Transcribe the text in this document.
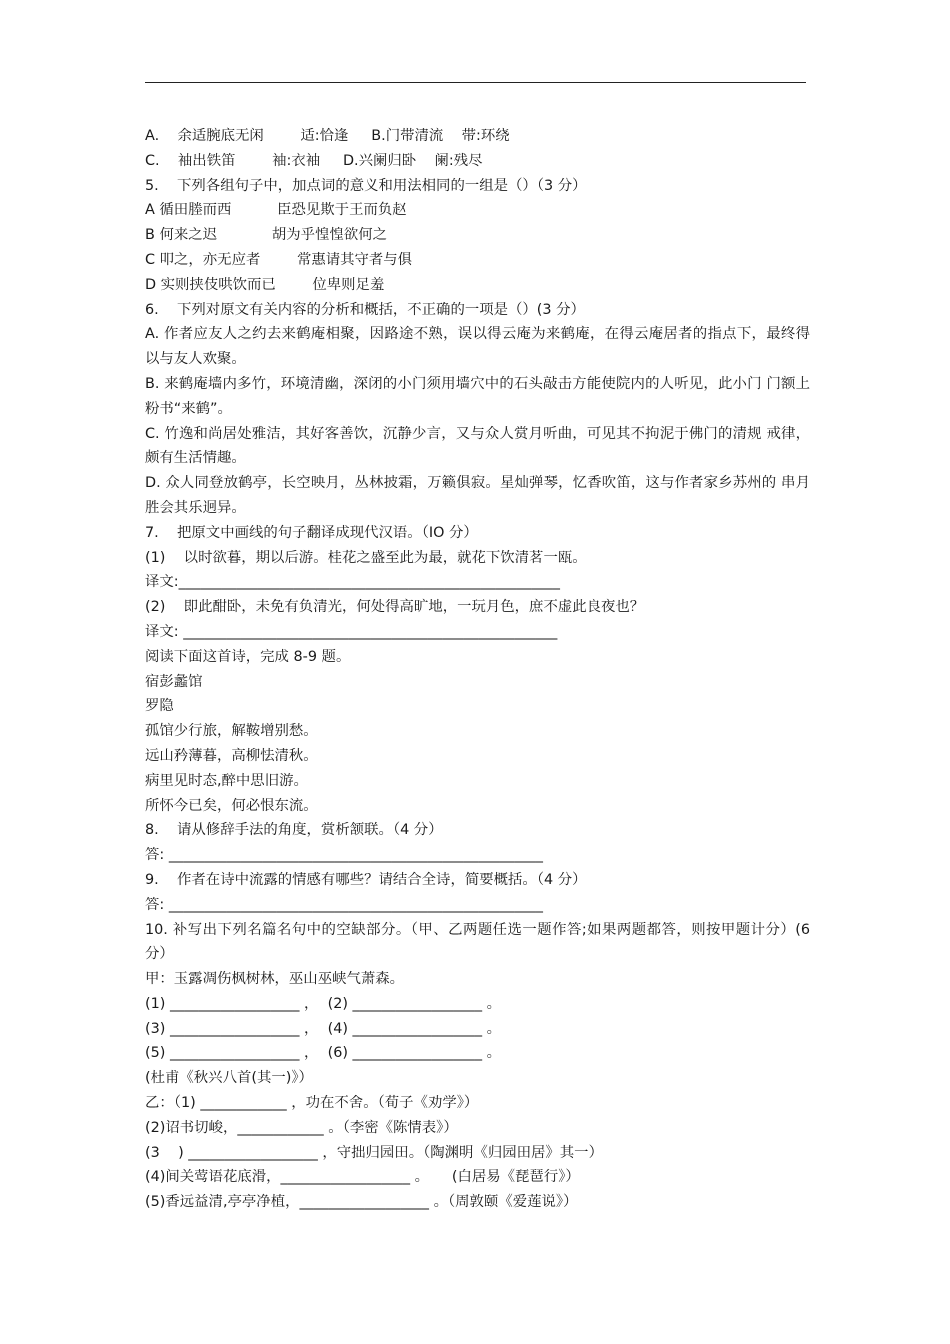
A.    余适腕底无闲        适:恰逢     B.门带清流    带:环绕

C.    袖出铁笛        袖:衣袖     D.兴阑归卧    阑:残尽

5.    下列各组句子中，加点词的意义和用法相同的一组是（）（3 分）

A 循田塍而西          臣恐见欺于王而负赵

B 何来之迟            胡为乎惶惶欲何之

C 叩之，亦无应者        常惠请其守者与俱

D 实则挟伎哄饮而已        位卑则足羞

6.    下列对原文有关内容的分析和概括，不正确的一项是（）(3 分）

A. 作者应友人之约去来鹤庵相聚，因路途不熟，误以得云庵为来鹤庵，在得云庵居者的指点下，最终得以与友人欢聚。

B. 来鹤庵墙内多竹，环境清幽，深闭的小门须用墙穴中的石头敲击方能使院内的人听见，此小门 门额上粉书“来鹤”。

C. 竹逸和尚居处雅洁，其好客善饮，沉静少言，又与众人赏月听曲，可见其不拘泥于佛门的清规 戒律，颇有生活情趣。

D. 众人同登放鹤亭，长空映月，丛林披霜，万籁俱寂。星灿弹琴，忆香吹笛，这与作者家乡苏州的 串月胜会其乐迥异。

7.    把原文中画线的句子翻译成现代汉语。（IO 分）

(1)    以时欲暮，期以后游。桂花之盛至此为最，就花下饮清茗一瓯。

译文:_____________________________________________________

(2)    即此酣卧，未免有负清光，何处得高旷地，一玩月色，庶不虚此良夜也？

译文: ____________________________________________________

阅读下面这首诗，完成 8-9 题。

宿彭蠡馆

罗隐

孤馆少行旅，解鞍增别愁。

远山矜薄暮，高柳怯清秋。

病里见时态,醉中思旧游。

所怀今已矣，何必恨东流。

8.    请从修辞手法的角度，赏析颔联。（4 分）

答: ____________________________________________________

9.    作者在诗中流露的情感有哪些？请结合全诗，简要概括。（4 分）

答: ____________________________________________________

10. 补写出下列名篇名句中的空缺部分。（甲、乙两题任选一题作答;如果两题都答，则按甲题计分）(6 分）

甲：玉露凋伤枫树林，巫山巫峡气萧森。

(1) __________________ ，  (2) __________________ 。

(3) __________________ ，  (4) __________________ 。

(5) __________________ ，  (6) __________________ 。

(杜甫《秋兴八首(其一)》）

乙：（1) ____________ ，功在不舍。（荀子《劝学》）

(2)诏书切峻，____________ 。（李密《陈情表》）

(3    ) __________________ ，守拙归园田。（陶渊明《归园田居》其一）

(4)间关莺语花底滑，__________________ 。     (白居易《琵琶行》）

(5)香远益清,亭亭净植，__________________ 。（周敦颐《爱莲说》）
